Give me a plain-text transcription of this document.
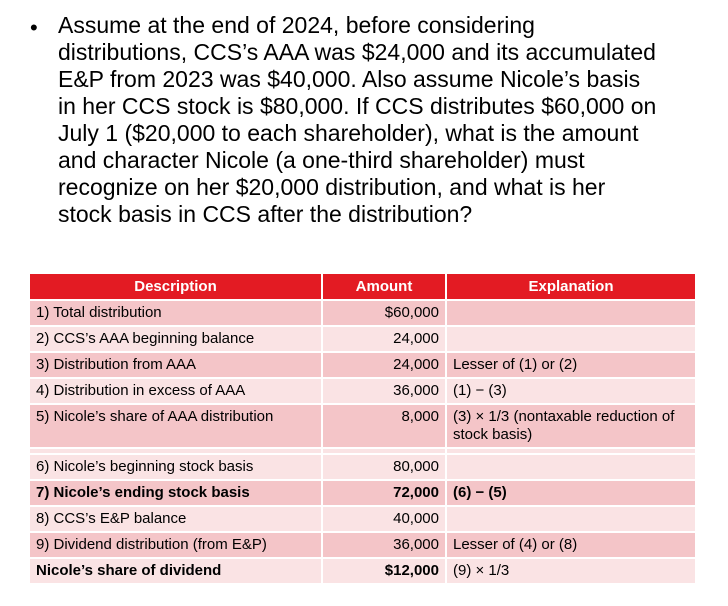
• Assume at the end of 2024, before considering
distributions, CCS’s AAA was $24,000 and its accumulated
E&P from 2023 was $40,000. Also assume Nicole’s basis
in her CCS stock is $80,000. If CCS distributes $60,000 on
July 1 ($20,000 to each shareholder), what is the amount
and character Nicole (a one-third shareholder) must
recognize on her $20,000 distribution, and what is her
stock basis in CCS after the distribution?

Description	Amount	Explanation
1) Total distribution	$60,000	
2) CCS’s AAA beginning balance	24,000	
3) Distribution from AAA	24,000	Lesser of (1) or (2)
4) Distribution in excess of AAA	36,000	(1) − (3)
5) Nicole’s share of AAA distribution	8,000	(3) × 1/3 (nontaxable reduction of stock basis)

6) Nicole’s beginning stock basis	80,000	
7) Nicole’s ending stock basis	72,000	(6) − (5)
8) CCS’s E&P balance	40,000	
9) Dividend distribution (from E&P)	36,000	Lesser of (4) or (8)
Nicole’s share of dividend	$12,000	(9) × 1/3
